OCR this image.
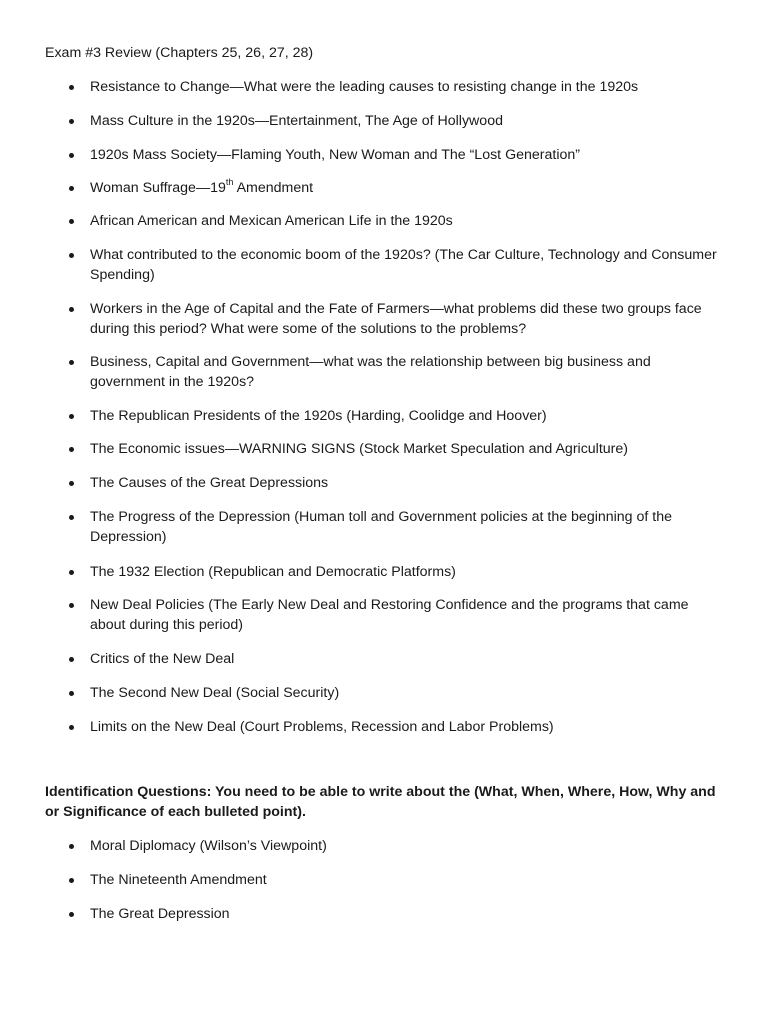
Exam #3 Review (Chapters 25, 26, 27, 28)
Resistance to Change—What were the leading causes to resisting change in the 1920s
Mass Culture in the 1920s—Entertainment, The Age of Hollywood
1920s Mass Society—Flaming Youth, New Woman and The “Lost Generation”
Woman Suffrage—19th Amendment
African American and Mexican American Life in the 1920s
What contributed to the economic boom of the 1920s? (The Car Culture, Technology and Consumer Spending)
Workers in the Age of Capital and the Fate of Farmers—what problems did these two groups face during this period? What were some of the solutions to the problems?
Business, Capital and Government—what was the relationship between big business and government in the 1920s?
The Republican Presidents of the 1920s (Harding, Coolidge and Hoover)
The Economic issues—WARNING SIGNS (Stock Market Speculation and Agriculture)
The Causes of the Great Depressions
The Progress of the Depression (Human toll and Government policies at the beginning of the Depression)
The 1932 Election (Republican and Democratic Platforms)
New Deal Policies (The Early New Deal and Restoring Confidence and the programs that came about during this period)
Critics of the New Deal
The Second New Deal (Social Security)
Limits on the New Deal (Court Problems, Recession and Labor Problems)
Identification Questions: You need to be able to write about the (What, When, Where, How, Why and or Significance of each bulleted point).
Moral Diplomacy (Wilson’s Viewpoint)
The Nineteenth Amendment
The Great Depression
